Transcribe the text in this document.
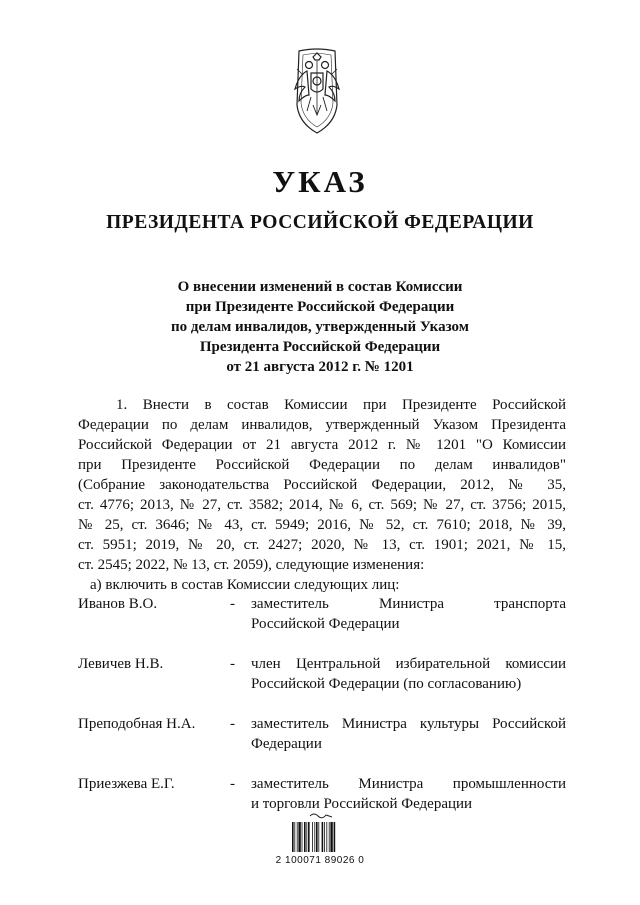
УКАЗ
ПРЕЗИДЕНТА РОССИЙСКОЙ ФЕДЕРАЦИИ
О внесении изменений в состав Комиссии
при Президенте Российской Федерации
по делам инвалидов, утвержденный Указом
Президента Российской Федерации
от 21 августа 2012 г. № 1201
1. Внести в состав Комиссии при Президенте Российской
Федерации по делам инвалидов, утвержденный Указом Президента
Российской Федерации от 21 августа 2012 г. № 1201 "О Комиссии
при Президенте Российской Федерации по делам инвалидов"
(Собрание законодательства Российской Федерации, 2012, № 35,
ст. 4776; 2013, № 27, ст. 3582; 2014, № 6, ст. 569; № 27, ст. 3756; 2015,
№ 25, ст. 3646; № 43, ст. 5949; 2016, № 52, ст. 7610; 2018, № 39,
ст. 5951; 2019, № 20, ст. 2427; 2020, № 13, ст. 1901; 2021, № 15,
ст. 2545; 2022, № 13, ст. 2059), следующие изменения:
а) включить в состав Комиссии следующих лиц:
Иванов В.О.	- заместитель Министра транспорта
Российской Федерации
Левичев Н.В.	- член Центральной избирательной комиссии
Российской Федерации (по согласованию)
Преподобная Н.А. - заместитель Министра культуры Российской
Федерации
Приезжева Е.Г.	- заместитель Министра промышленности
и торговли Российской Федерации
2 100071 89026 0
